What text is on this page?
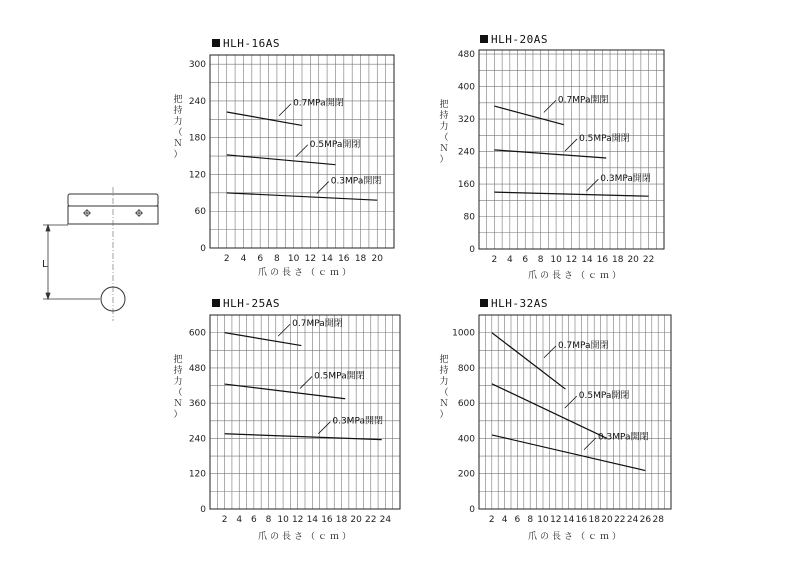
L
HLH-16AS
把
持
力
（
Ｎ
）
2 4 6 8 10 12 14 16 18 20
0
60
120
180
240
300
0.7MPa開閉
0.5MPa開閉
0.3MPa開閉
爪の長さ（ｃｍ）
HLH-20AS
把
持
力
（
Ｎ
）
2 4 6 8 10 12 14 16 18 20 22
0
80
160
240
320
400
480
0.7MPa開閉
0.5MPa開閉
0.3MPa開閉
爪の長さ（ｃｍ）
HLH-25AS
把
持
力
（
Ｎ
）
2 4 6 8 10 12 14 16 18 20 22 24
0
120
240
360
480
600
0.7MPa開閉
0.5MPa開閉
0.3MPa開閉
爪の長さ（ｃｍ）
HLH-32AS
把
持
力
（
Ｎ
）
2 4 6 8 10 12 14 16 18 20 22 24 26 28
0
200
400
600
800
1000
0.7MPa開閉
0.5MPa開閉
0.3MPa開閉
爪の長さ（ｃｍ）
